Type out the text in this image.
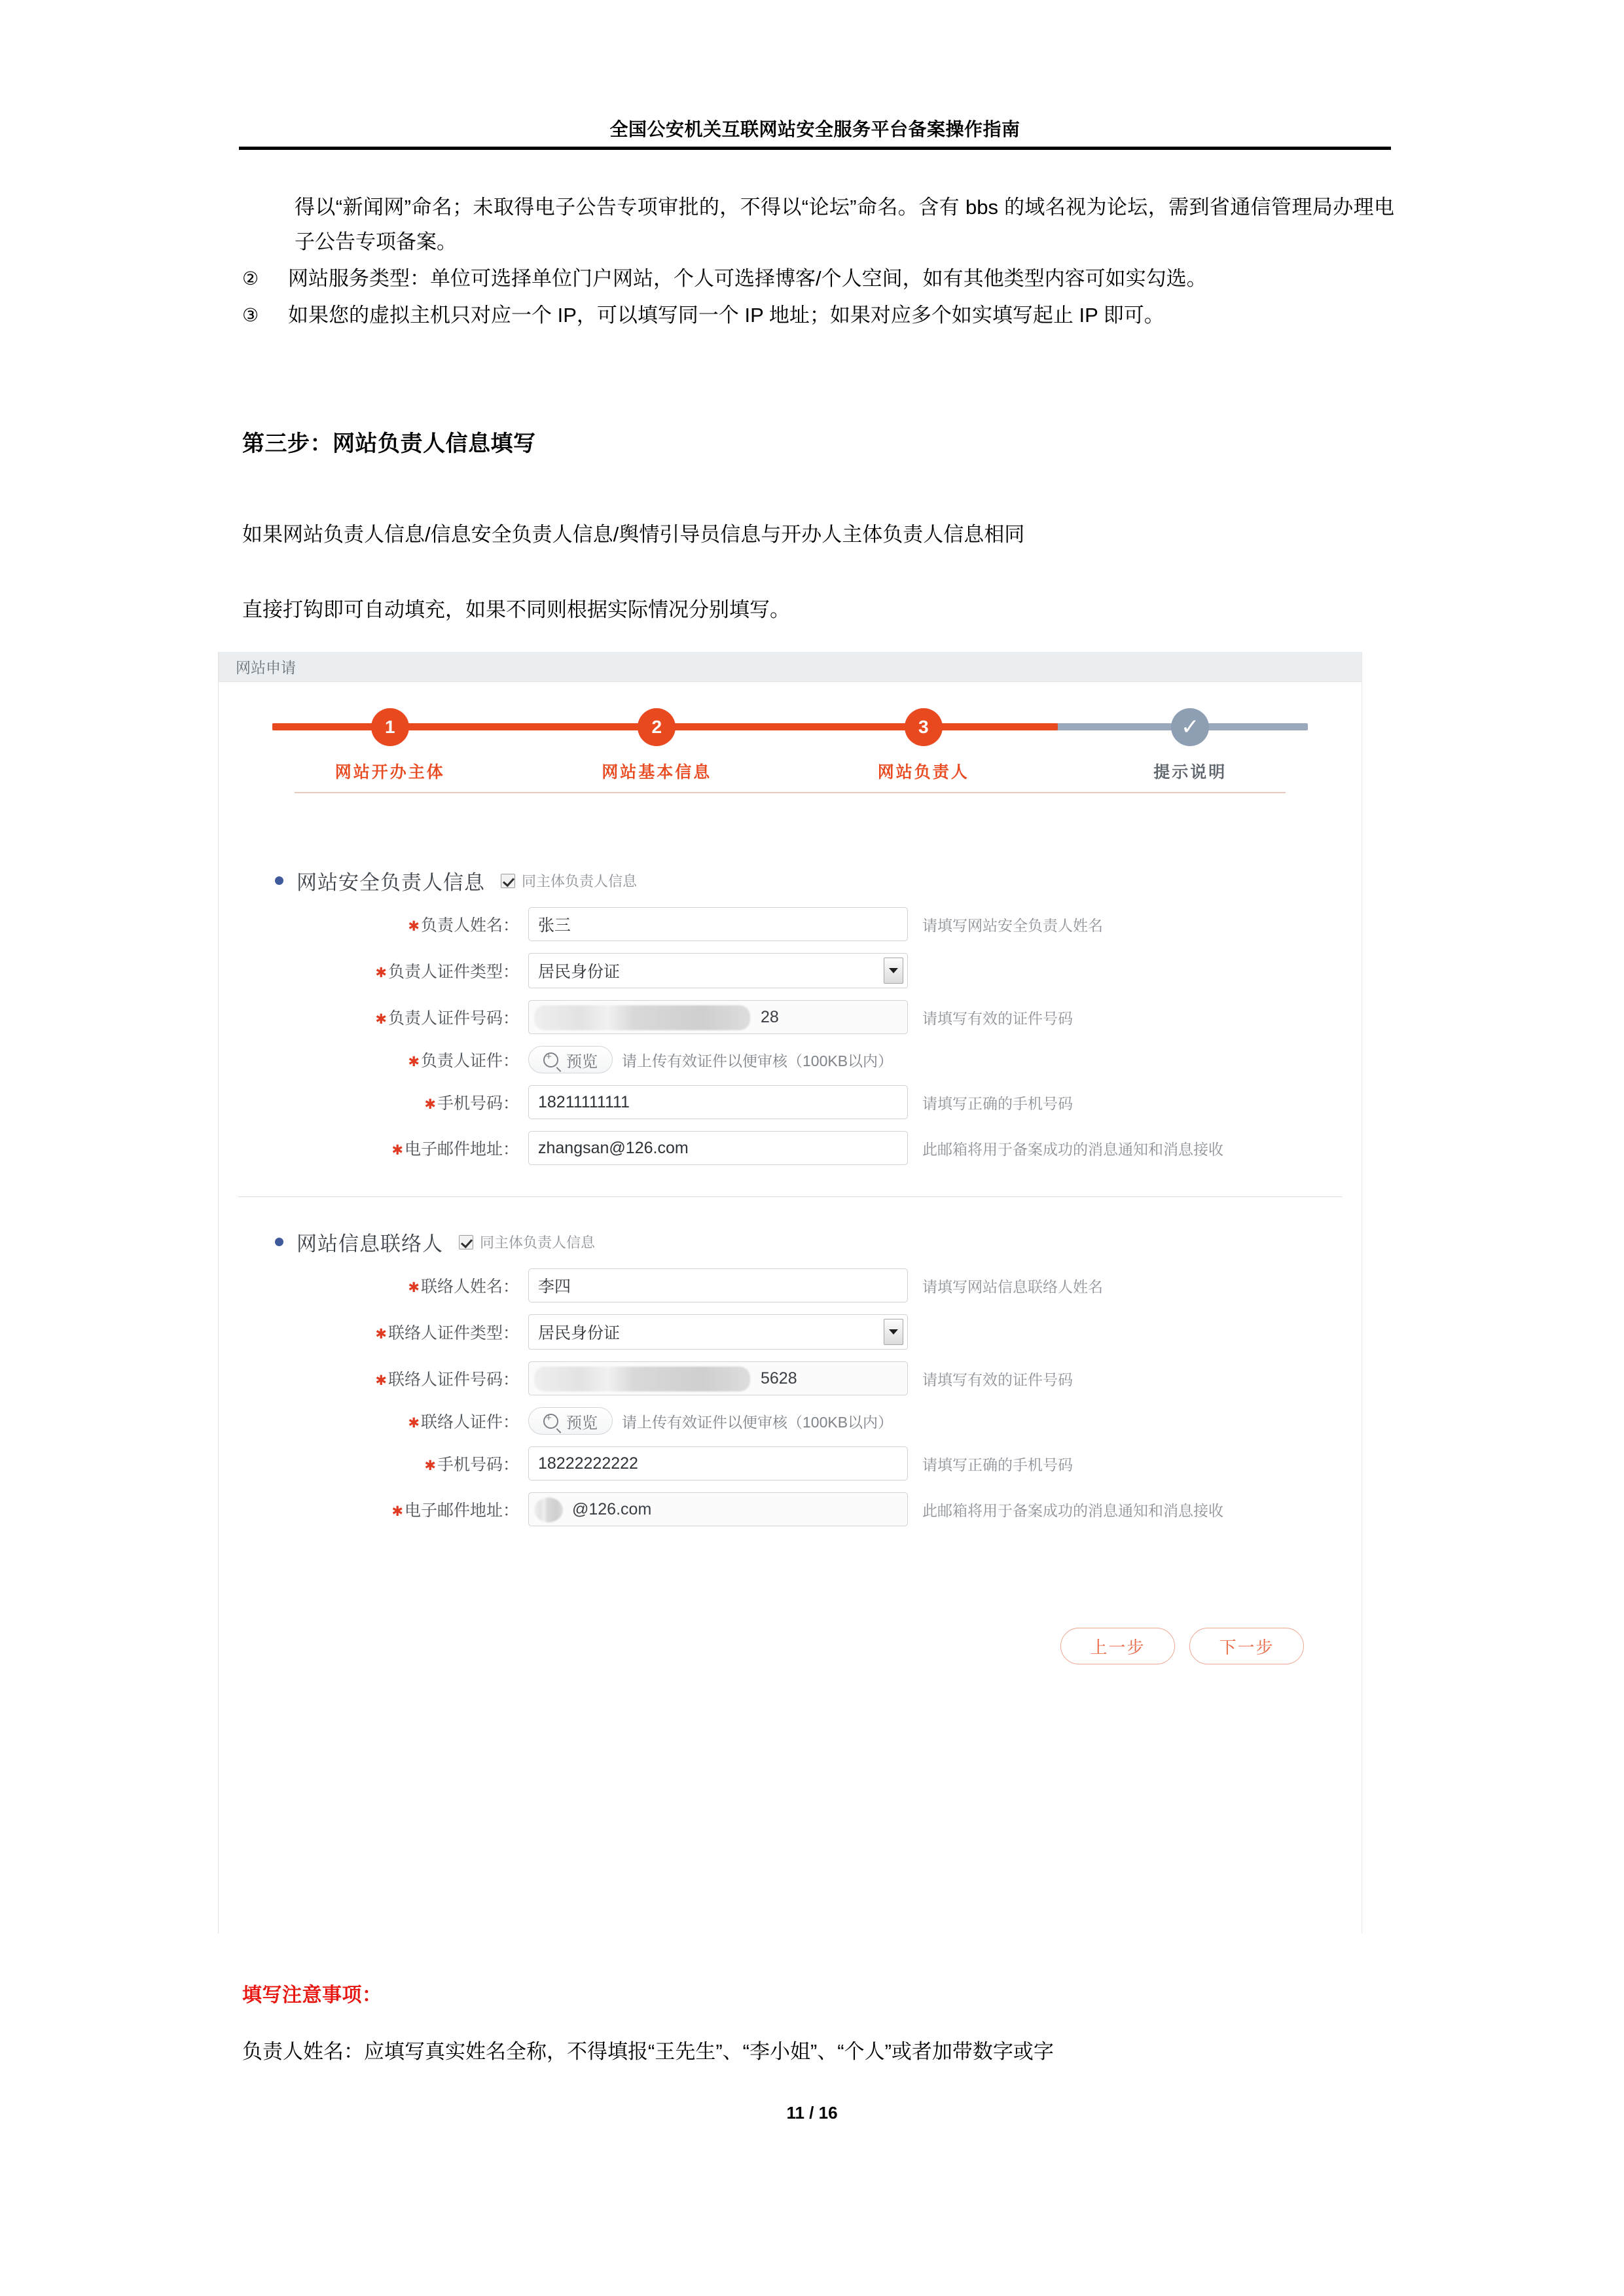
全国公安机关互联网站安全服务平台备案操作指南
得以“新闻网”命名；未取得电子公告专项审批的，不得以“论坛”命名。含有 bbs 的域名视为论坛，需到省通信管理局办理电子公告专项备案。
②	网站服务类型：单位可选择单位门户网站，个人可选择博客/个人空间，如有其他类型内容可如实勾选。
③	如果您的虚拟主机只对应一个 IP，可以填写同一个 IP 地址；如果对应多个如实填写起止 IP 即可。
第三步：网站负责人信息填写
如果网站负责人信息/信息安全负责人信息/舆情引导员信息与开办人主体负责人信息相同
直接打钩即可自动填充，如果不同则根据实际情况分别填写。
网站申请
1
网站开办主体
2
网站基本信息
3
网站负责人
✓
提示说明
网站安全负责人信息	同主体负责人信息
✱负责人姓名：	张三	请填写网站安全负责人姓名
✱负责人证件类型：	居民身份证
✱负责人证件号码：	28	请填写有效的证件号码
✱负责人证件：
+	预览 请上传有效证件以便审核（100KB以内）
✱手机号码：	18211111111	请填写正确的手机号码
✱电子邮件地址：	zhangsan@126.com	此邮箱将用于备案成功的消息通知和消息接收
网站信息联络人	同主体负责人信息
✱联络人姓名：	李四	请填写网站信息联络人姓名
✱联络人证件类型：	居民身份证
✱联络人证件号码：	5628	请填写有效的证件号码
✱联络人证件：
+	预览 请上传有效证件以便审核（100KB以内）
✱手机号码：	18222222222	请填写正确的手机号码
✱电子邮件地址：	@126.com	此邮箱将用于备案成功的消息通知和消息接收
上一步	下一步
填写注意事项：
负责人姓名：应填写真实姓名全称，不得填报“王先生”、“李小姐”、“个人”或者加带数字或字
11 / 16
